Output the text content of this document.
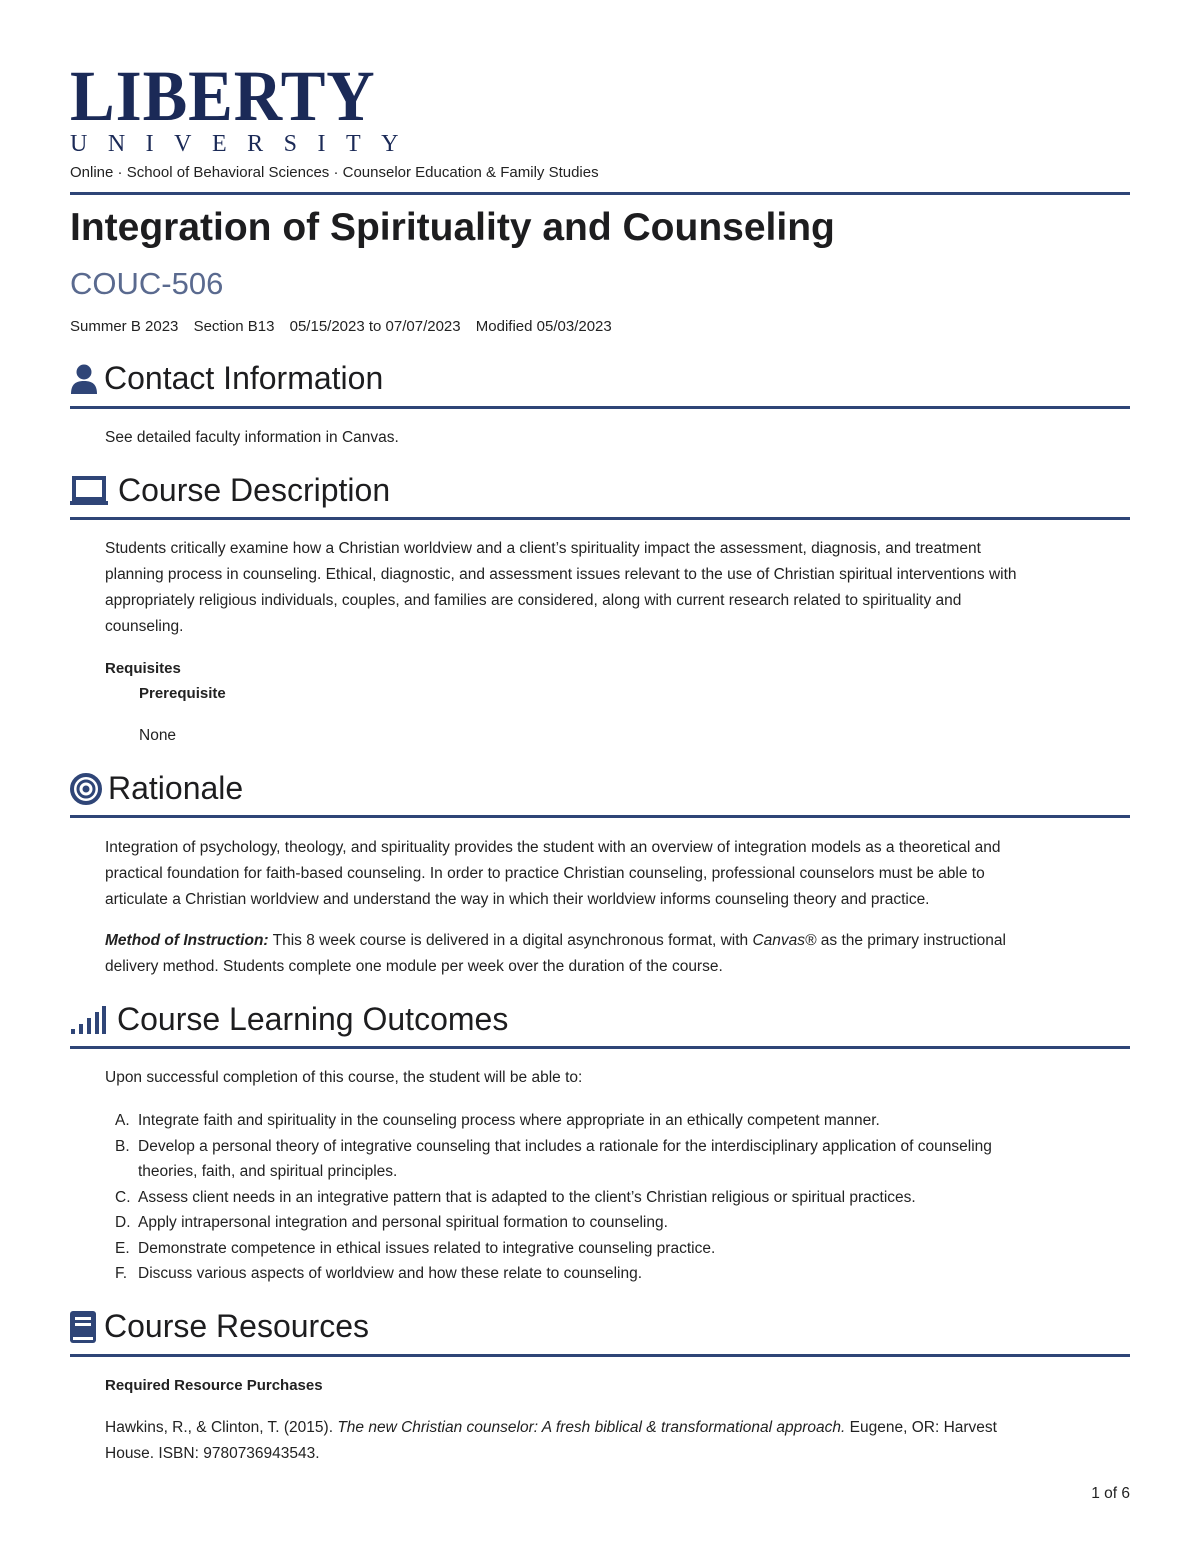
LIBERTY
UNIVERSITY
Online · School of Behavioral Sciences · Counselor Education & Family Studies
Integration of Spirituality and Counseling
COUC-506
Summer B 2023 Section B13 05/15/2023 to 07/07/2023 Modified 05/03/2023
Contact Information

See detailed faculty information in Canvas.

Course Description
Students critically examine how a Christian worldview and a client’s spirituality impact the assessment, diagnosis, and treatment
planning process in counseling. Ethical, diagnostic, and assessment issues relevant to the use of Christian spiritual interventions with
appropriately religious individuals, couples, and families are considered, along with current research related to spirituality and
counseling.
Requisites
Prerequisite
None
Rationale
Integration of psychology, theology, and spirituality provides the student with an overview of integration models as a theoretical and
practical foundation for faith-based counseling. In order to practice Christian counseling, professional counselors must be able to
articulate a Christian worldview and understand the way in which their worldview informs counseling theory and practice.
Method of Instruction: This 8 week course is delivered in a digital asynchronous format, with Canvas® as the primary instructional
delivery method. Students complete one module per week over the duration of the course.
Course Learning Outcomes

Upon successful completion of this course, the student will be able to:

A. Integrate faith and spirituality in the counseling process where appropriate in an ethically competent manner.
B. Develop a personal theory of integrative counseling that includes a rationale for the interdisciplinary application of counseling
theories, faith, and spiritual principles.
C. Assess client needs in an integrative pattern that is adapted to the client’s Christian religious or spiritual practices.
D. Apply intrapersonal integration and personal spiritual formation to counseling.
E. Demonstrate competence in ethical issues related to integrative counseling practice.
F. Discuss various aspects of worldview and how these relate to counseling.
Course Resources
Required Resource Purchases
Hawkins, R., & Clinton, T. (2015). The new Christian counselor: A fresh biblical & transformational approach. Eugene, OR: Harvest
House. ISBN: 9780736943543.
1 of 6
